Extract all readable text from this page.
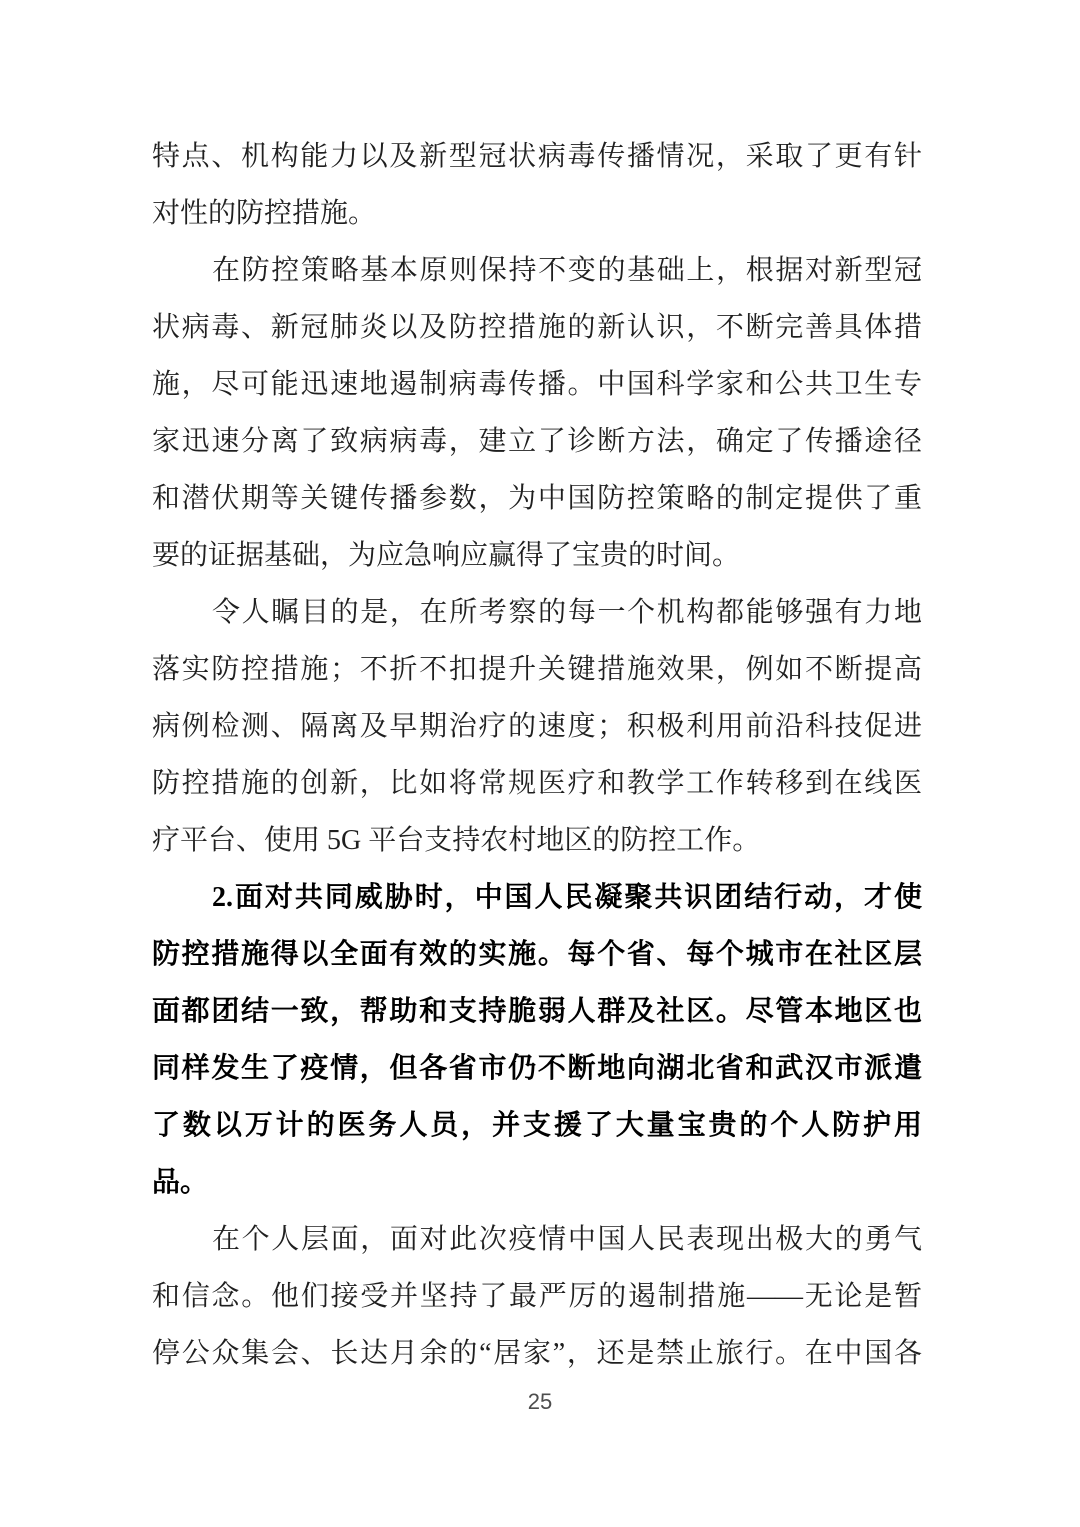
特点、机构能力以及新型冠状病毒传播情况，采取了更有针
对性的防控措施。
在防控策略基本原则保持不变的基础上，根据对新型冠
状病毒、新冠肺炎以及防控措施的新认识，不断完善具体措
施，尽可能迅速地遏制病毒传播。中国科学家和公共卫生专
家迅速分离了致病病毒，建立了诊断方法，确定了传播途径
和潜伏期等关键传播参数，为中国防控策略的制定提供了重
要的证据基础，为应急响应赢得了宝贵的时间。
令人瞩目的是，在所考察的每一个机构都能够强有力地
落实防控措施；不折不扣提升关键措施效果，例如不断提高
病例检测、隔离及早期治疗的速度；积极利用前沿科技促进
防控措施的创新，比如将常规医疗和教学工作转移到在线医
疗平台、使用 5G 平台支持农村地区的防控工作。
2.面对共同威胁时，中国人民凝聚共识团结行动，才使
防控措施得以全面有效的实施。每个省、每个城市在社区层
面都团结一致，帮助和支持脆弱人群及社区。尽管本地区也
同样发生了疫情，但各省市仍不断地向湖北省和武汉市派遣
了数以万计的医务人员，并支援了大量宝贵的个人防护用
品。
在个人层面，面对此次疫情中国人民表现出极大的勇气
和信念。他们接受并坚持了最严厉的遏制措施——无论是暂
停公众集会、长达月余的“居家”，还是禁止旅行。在中国各
25
